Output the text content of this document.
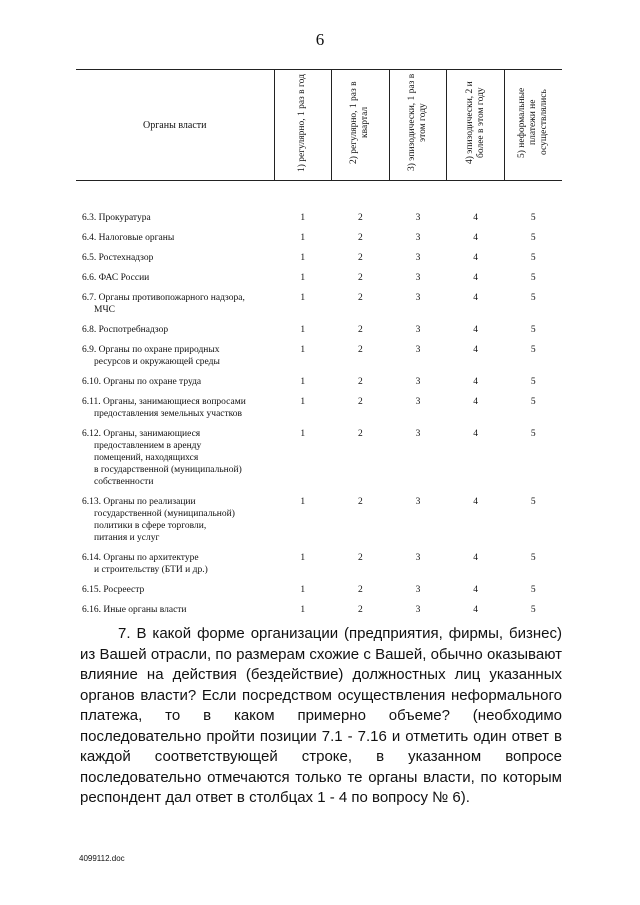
6
Органы власти	1) регулярно, 1 раз в год	2) регулярно, 1 раз в квартал	3) эпизодически, 1 раз в этом году	4) эпизодически, 2 и более в этом году	5) неформальные платежи не осуществлялись

6.3. Прокуратура	1	2	3	4	5

6.4. Налоговые органы	1	2	3	4	5

6.5. Ростехнадзор	1	2	3	4	5

6.6. ФАС России	1	2	3	4	5

6.7. Органы противопожарного надзора,
МЧС	1	2	3	4	5

6.8. Роспотребнадзор	1	2	3	4	5

6.9. Органы по охране природных
ресурсов и окружающей среды	1	2	3	4	5

6.10. Органы по охране труда	1	2	3	4	5

6.11. Органы, занимающиеся вопросами
предоставления земельных участков	1	2	3	4	5

6.12. Органы, занимающиеся
предоставлением в аренду
помещений, находящихся
в государственной (муниципальной)
собственности	1	2	3	4	5

6.13. Органы по реализации
государственной (муниципальной)
политики в сфере торговли,
питания и услуг	1	2	3	4	5

6.14. Органы по архитектуре
и строительству (БТИ и др.)	1	2	3	4	5

6.15. Росреестр	1	2	3	4	5

6.16. Иные органы власти	1	2	3	4	5
7. В какой форме организации (предприятия, фирмы, бизнес) из Вашей отрасли, по размерам схожие с Вашей, обычно оказывают влияние на действия (бездействие) должностных лиц указанных органов власти? Если посредством осуществления неформального платежа, то в каком примерно объеме? (необходимо последовательно пройти позиции 7.1 - 7.16 и отметить один ответ в каждой соответствующей строке, в указанном вопросе последовательно отмечаются только те органы власти, по которым респондент дал ответ в столбцах 1 - 4 по вопросу № 6).
4099112.doc
